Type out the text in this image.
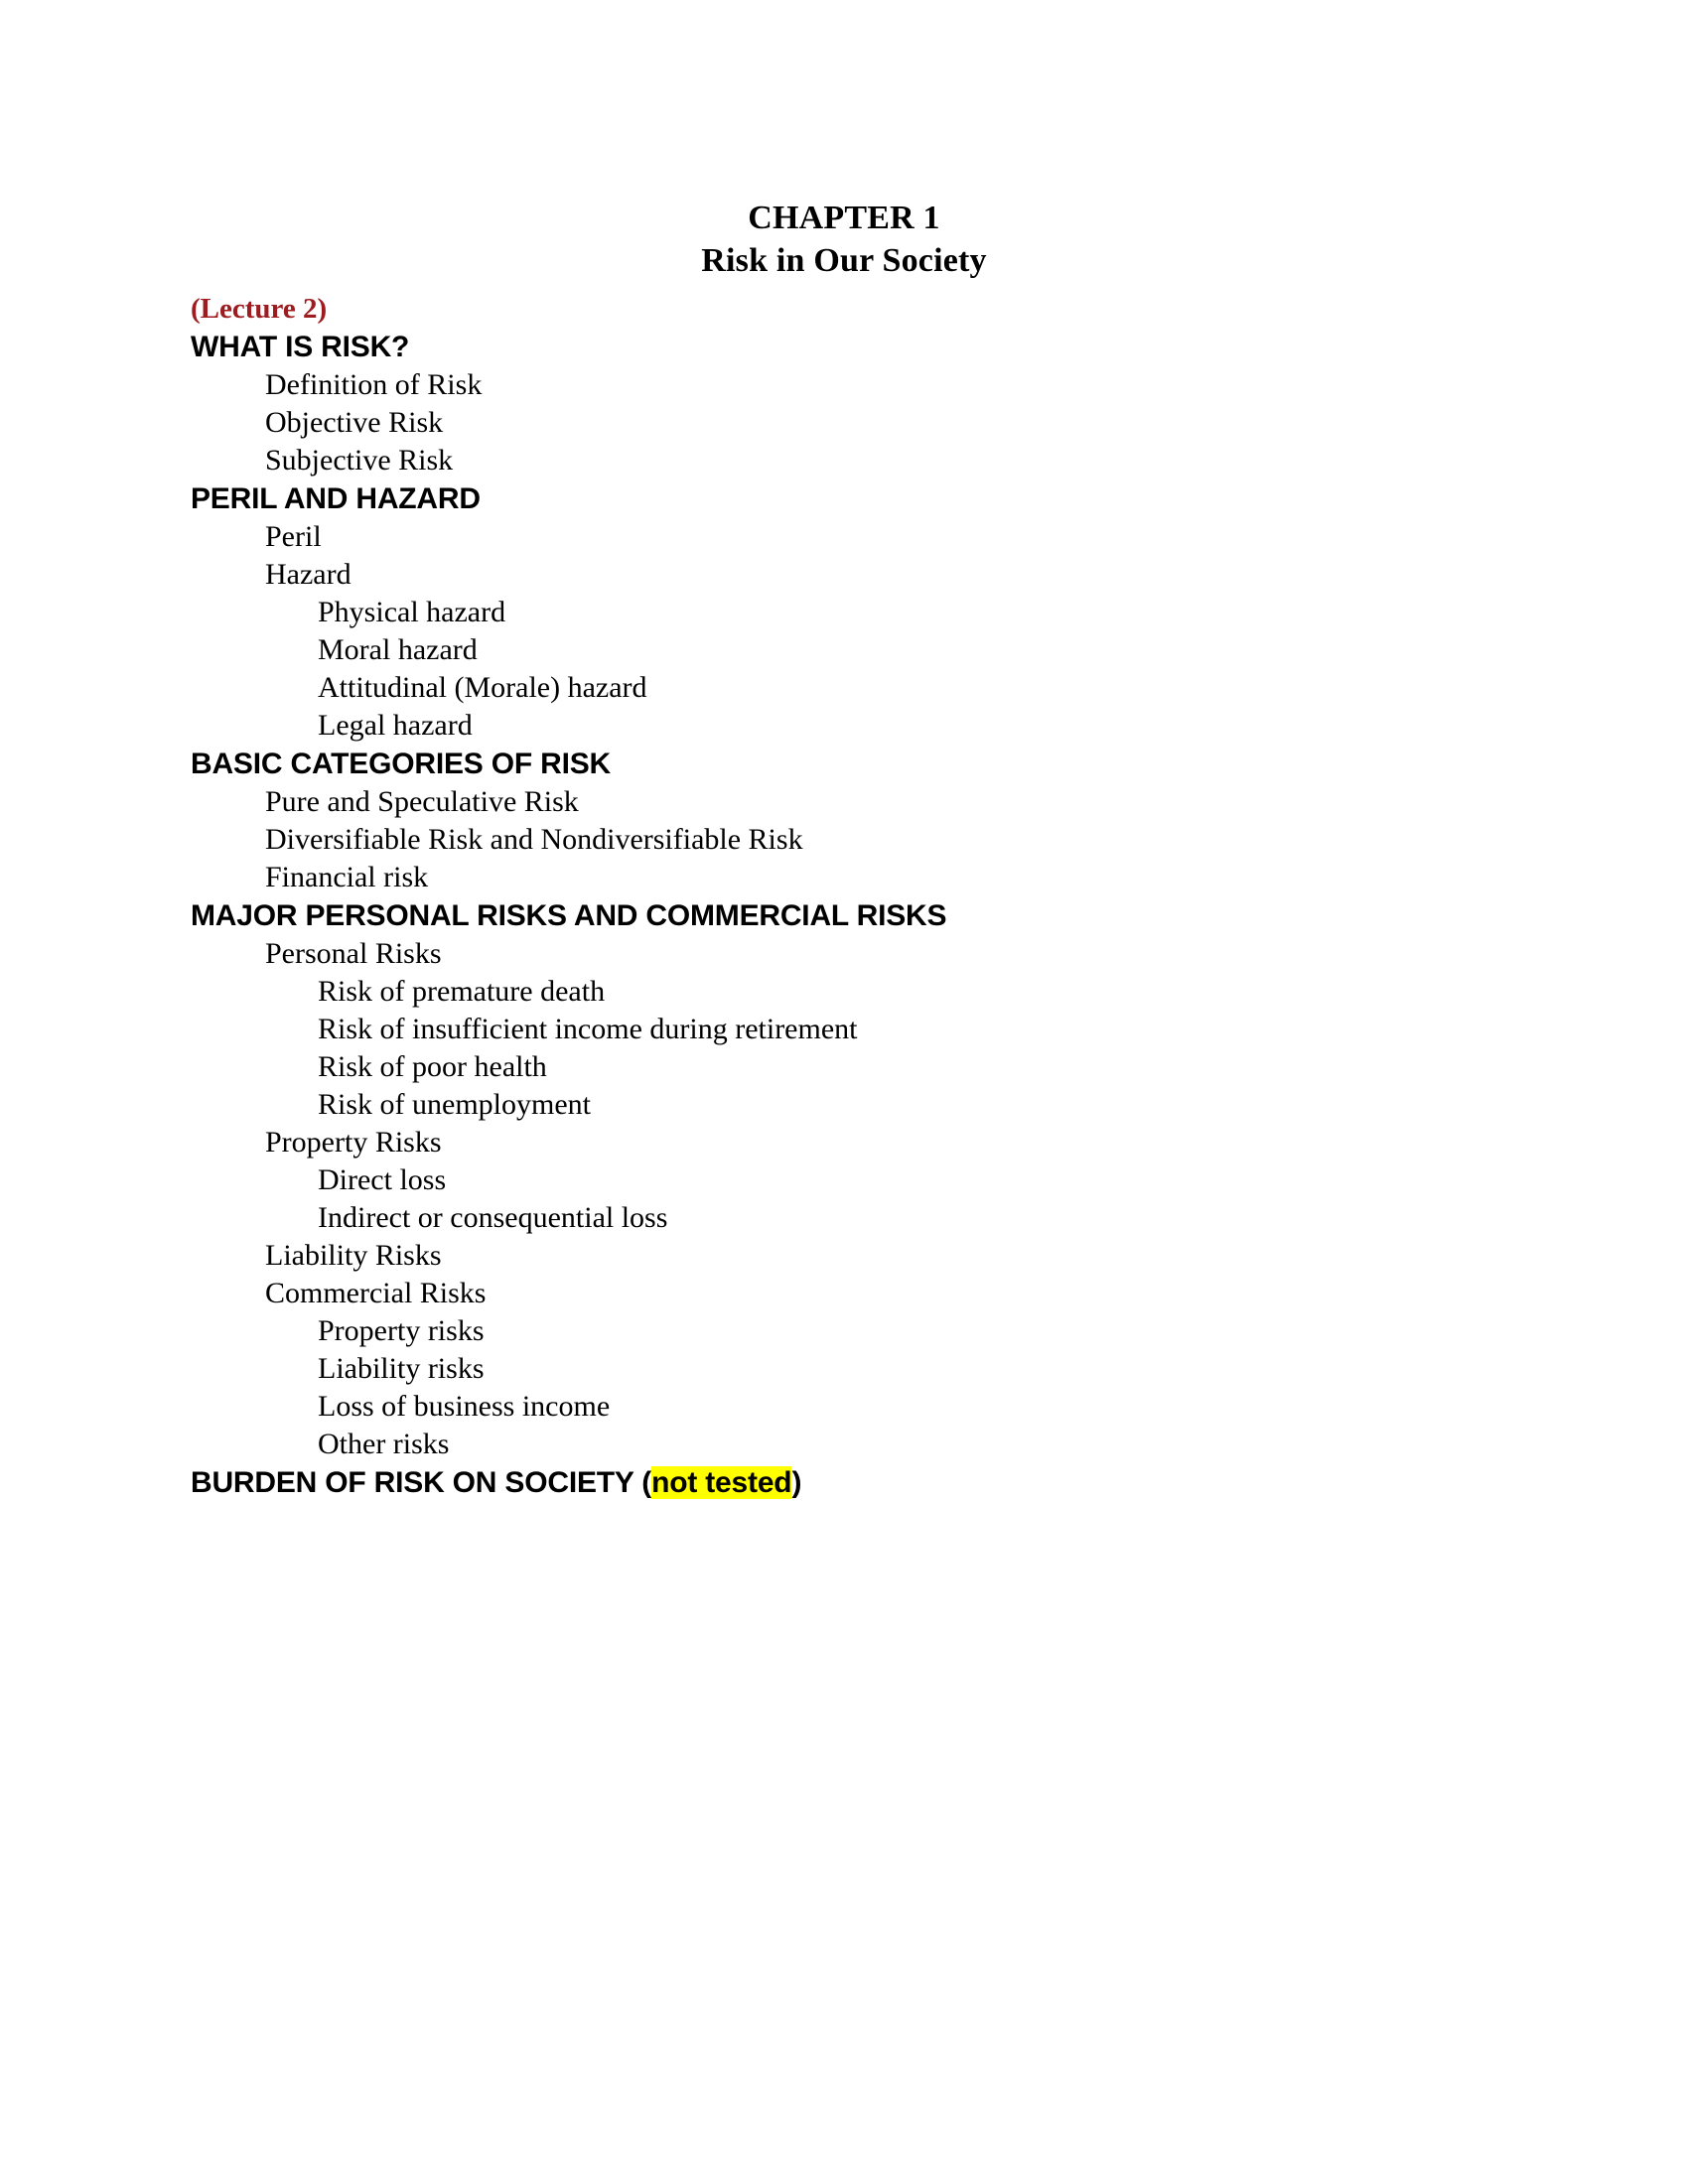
CHAPTER 1
Risk in Our Society
(Lecture 2)
WHAT IS RISK?
Definition of Risk
Objective Risk
Subjective Risk
PERIL AND HAZARD
Peril
Hazard
Physical hazard
Moral hazard
Attitudinal (Morale) hazard
Legal hazard
BASIC CATEGORIES OF RISK
Pure and Speculative Risk
Diversifiable Risk and Nondiversifiable Risk
Financial risk
MAJOR PERSONAL RISKS AND COMMERCIAL RISKS
Personal Risks
Risk of premature death
Risk of insufficient income during retirement
Risk of poor health
Risk of unemployment
Property Risks
Direct loss
Indirect or consequential loss
Liability Risks
Commercial Risks
Property risks
Liability risks
Loss of business income
Other risks
BURDEN OF RISK ON SOCIETY (not tested)
